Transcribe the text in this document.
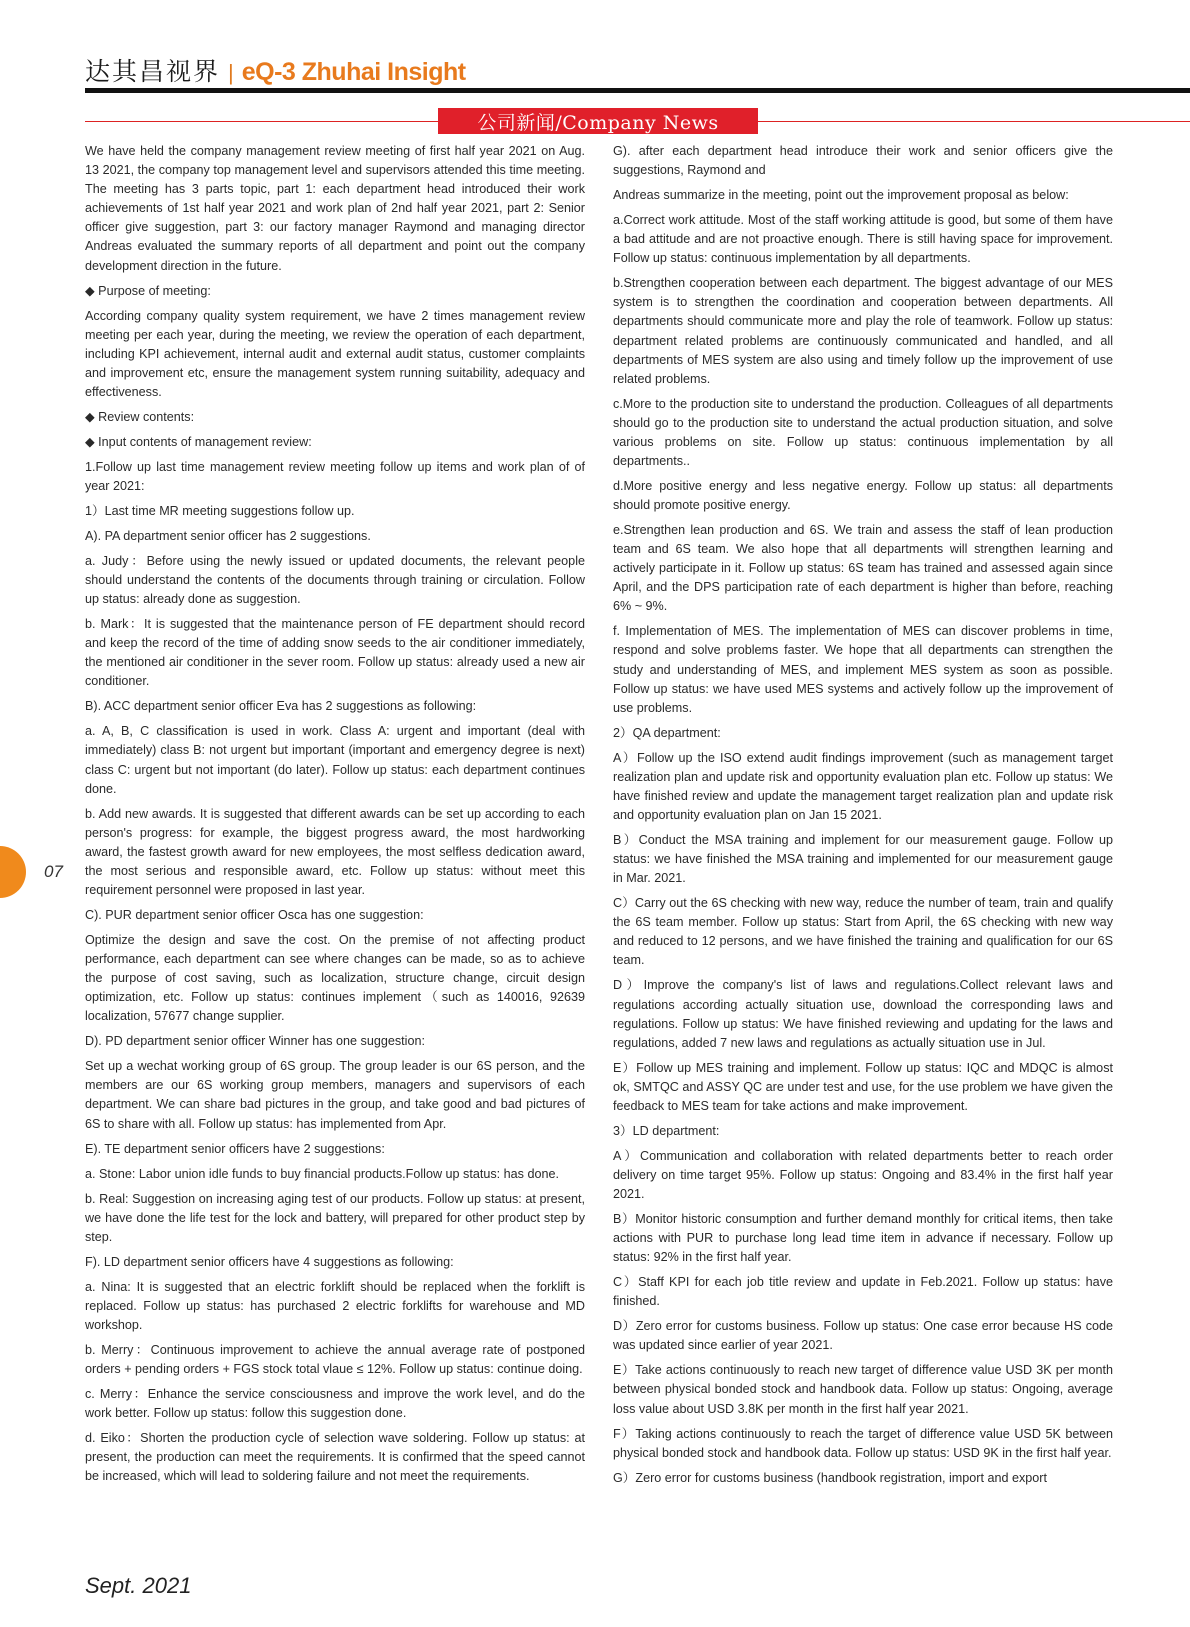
达其昌视界 | eQ-3 Zhuhai Insight
公司新闻/Company News

We have held the company management review meeting of first half year 2021 on Aug. 13 2021, the company top management level and supervisors attended this time meeting. The meeting has 3 parts topic, part 1: each department head introduced their work achievements of 1st half year 2021 and work plan of 2nd half year 2021, part 2: Senior officer give suggestion, part 3: our factory manager Raymond and managing director Andreas evaluated the summary reports of all department and point out the company development direction in the future.

◆ Purpose of meeting:

According company quality system requirement, we have 2 times management review meeting per each year, during the meeting, we review the operation of each department, including KPI achievement, internal audit and external audit status, customer complaints and improvement etc, ensure the management system running suitability, adequacy and effectiveness.

◆ Review contents:

◆ Input contents of management review:

1.Follow up last time management review meeting follow up items and work plan of of year 2021:

1）Last time MR meeting suggestions follow up.

A). PA department senior officer has 2 suggestions.

a. Judy：Before using the newly issued or updated documents, the relevant people should understand the contents of the documents through training or circulation. Follow up status: already done as suggestion.

b. Mark：It is suggested that the maintenance person of FE department should record and keep the record of the time of adding snow seeds to the air conditioner immediately, the mentioned air conditioner in the sever room. Follow up status: already used a new air conditioner.

B). ACC department senior officer Eva has 2 suggestions as following:

a. A, B, C classification is used in work. Class A: urgent and important (deal with immediately) class B: not urgent but important (important and emergency degree is next) class C: urgent but not important (do later). Follow up status: each department continues done.

b. Add new awards. It is suggested that different awards can be set up according to each person's progress: for example, the biggest progress award, the most hardworking award, the fastest growth award for new employees, the most selfless dedication award, the most serious and responsible award, etc. Follow up status: without meet this requirement personnel were proposed in last year.

C). PUR department senior officer Osca has one suggestion:

Optimize the design and save the cost. On the premise of not affecting product performance, each department can see where changes can be made, so as to achieve the purpose of cost saving, such as localization, structure change, circuit design optimization, etc. Follow up status: continues implement（such as 140016, 92639 localization, 57677 change supplier.

D). PD department senior officer Winner has one suggestion:

Set up a wechat working group of 6S group. The group leader is our 6S person, and the members are our 6S working group members, managers and supervisors of each department. We can share bad pictures in the group, and take good and bad pictures of 6S to share with all. Follow up status: has implemented from Apr.

E). TE department senior officers have 2 suggestions:

a. Stone: Labor union idle funds to buy financial products.Follow up status: has done.

b. Real: Suggestion on increasing aging test of our products. Follow up status: at present, we have done the life test for the lock and battery, will prepared for other product step by step.

F). LD department senior officers have 4 suggestions as following:

a. Nina: It is suggested that an electric forklift should be replaced when the forklift is replaced. Follow up status: has purchased 2 electric forklifts for warehouse and MD workshop.

b. Merry：Continuous improvement to achieve the annual average rate of postponed orders + pending orders + FGS stock total vlaue ≤ 12%. Follow up status: continue doing.

c. Merry：Enhance the service consciousness and improve the work level, and do the work better. Follow up status: follow this suggestion done.

d. Eiko：Shorten the production cycle of selection wave soldering. Follow up status: at present, the production can meet the requirements. It is confirmed that the speed cannot be increased, which will lead to soldering failure and not meet the requirements.

G). after each department head introduce their work and senior officers give the suggestions, Raymond and

Andreas summarize in the meeting, point out the improvement proposal as below:

a.Correct work attitude. Most of the staff working attitude is good, but some of them have a bad attitude and are not proactive enough. There is still having space for improvement. Follow up status: continuous implementation by all departments.

b.Strengthen cooperation between each department. The biggest advantage of our MES system is to strengthen the coordination and cooperation between departments. All departments should communicate more and play the role of teamwork. Follow up status: department related problems are continuously communicated and handled, and all departments of MES system are also using and timely follow up the improvement of use related problems.

c.More to the production site to understand the production. Colleagues of all departments should go to the production site to understand the actual production situation, and solve various problems on site. Follow up status: continuous implementation by all departments..

d.More positive energy and less negative energy. Follow up status: all departments should promote positive energy.

e.Strengthen lean production and 6S. We train and assess the staff of lean production team and 6S team. We also hope that all departments will strengthen learning and actively participate in it. Follow up status: 6S team has trained and assessed again since April, and the DPS participation rate of each department is higher than before, reaching 6% ~ 9%.

f. Implementation of MES. The implementation of MES can discover problems in time, respond and solve problems faster. We hope that all departments can strengthen the study and understanding of MES, and implement MES system as soon as possible. Follow up status: we have used MES systems and actively follow up the improvement of use problems.

2）QA department:

A）Follow up the ISO extend audit findings improvement (such as management target realization plan and update risk and opportunity evaluation plan etc. Follow up status: We have finished review and update the management target realization plan and update risk and opportunity evaluation plan on Jan 15 2021.

B）Conduct the MSA training and implement for our measurement gauge. Follow up status: we have finished the MSA training and implemented for our measurement gauge in Mar. 2021.

C）Carry out the 6S checking with new way, reduce the number of team, train and qualify the 6S team member. Follow up status: Start from April, the 6S checking with new way and reduced to 12 persons, and we have finished the training and qualification for our 6S team.

D）Improve the company's list of laws and regulations.Collect relevant laws and regulations according actually situation use, download the corresponding laws and regulations. Follow up status: We have finished reviewing and updating for the laws and regulations, added 7 new laws and regulations as actually situation use in Jul.

E）Follow up MES training and implement. Follow up status: IQC and MDQC is almost ok, SMTQC and ASSY QC are under test and use, for the use problem we have given the feedback to MES team for take actions and make improvement.

3）LD department:

A）Communication and collaboration with related departments better to reach order delivery on time target 95%. Follow up status: Ongoing and 83.4% in the first half year 2021.

B）Monitor historic consumption and further demand monthly for critical items, then take actions with PUR to purchase long lead time item in advance if necessary. Follow up status: 92% in the first half year.

C）Staff KPI for each job title review and update in Feb.2021. Follow up status: have finished.

D）Zero error for customs business. Follow up status: One case error because HS code was updated since earlier of year 2021.

E）Take actions continuously to reach new target of difference value USD 3K per month between physical bonded stock and handbook data. Follow up status: Ongoing, average loss value about USD 3.8K per month in the first half year 2021.

F）Taking actions continuously to reach the target of difference value USD 5K between physical bonded stock and handbook data. Follow up status: USD 9K in the first half year.

G）Zero error for customs business (handbook registration, import and export

07
Sept. 2021
